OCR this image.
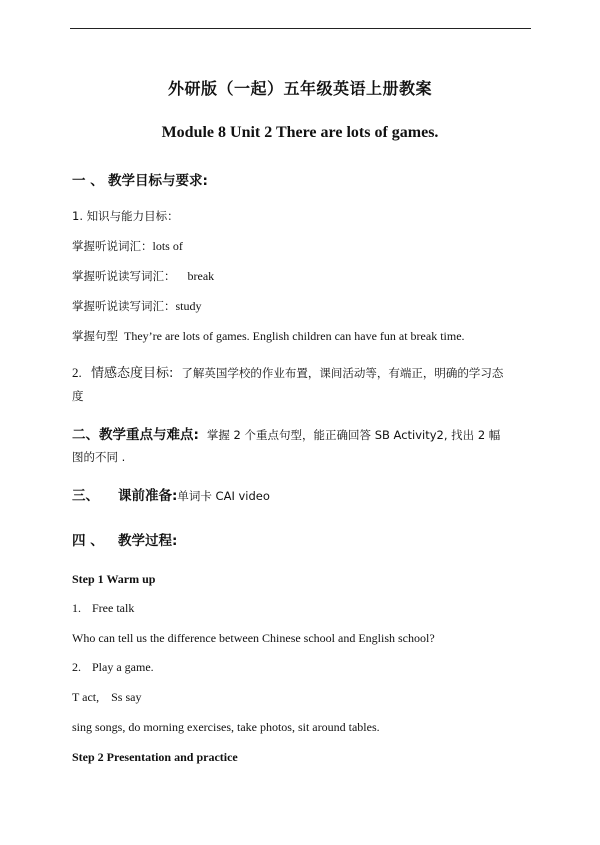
外研版（一起）五年级英语上册教案
Module 8 Unit 2 There are lots of games.
一 、 教学目标与要求:
1. 知识与能力目标：
掌握听说词汇：lots of
掌握听说读写词汇： break
掌握听说读写词汇：study
掌握句型 They’re are lots of games. English children can have fun at break time.
2. 情感态度目标: 了解英国学校的作业布置，课间活动等，有端正，明确的学习态
度
二、教学重点与难点: 掌握 2 个重点句型，能正确回答 SB Activity2, 找出 2 幅
图的不同 .
三、 课前准备:单词卡 CAI video
四 、 教学过程:
Step 1 Warm up
1. Free talk
Who can tell us the difference between Chinese school and English school?
2. Play a game.
T act,    Ss say
sing songs, do morning exercises, take photos, sit around tables.
Step 2 Presentation and practice
